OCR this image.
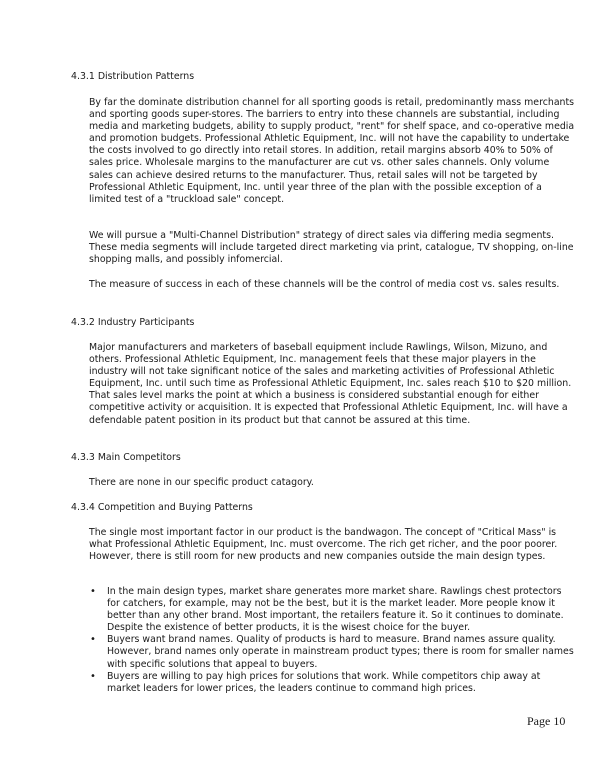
4.3.1 Distribution Patterns

By far the dominate distribution channel for all sporting goods is retail, predominantly mass merchants and sporting goods super-stores. The barriers to entry into these channels are substantial, including media and marketing budgets, ability to supply product, "rent" for shelf space, and co-operative media and promotion budgets. Professional Athletic Equipment, Inc. will not have the capability to undertake the costs involved to go directly into retail stores. In addition, retail margins absorb 40% to 50% of sales price. Wholesale margins to the manufacturer are cut vs. other sales channels. Only volume sales can achieve desired returns to the manufacturer. Thus, retail sales will not be targeted by Professional Athletic Equipment, Inc. until year three of the plan with the possible exception of a limited test of a "truckload sale" concept.

We will pursue a "Multi-Channel Distribution" strategy of direct sales via differing media segments. These media segments will include targeted direct marketing via print, catalogue, TV shopping, on-line shopping malls, and possibly infomercial.

The measure of success in each of these channels will be the control of media cost vs. sales results.

4.3.2 Industry Participants

Major manufacturers and marketers of baseball equipment include Rawlings, Wilson, Mizuno, and others. Professional Athletic Equipment, Inc. management feels that these major players in the industry will not take significant notice of the sales and marketing activities of Professional Athletic Equipment, Inc. until such time as Professional Athletic Equipment, Inc. sales reach $10 to $20 million. That sales level marks the point at which a business is considered substantial enough for either competitive activity or acquisition. It is expected that Professional Athletic Equipment, Inc. will have a defendable patent position in its product but that cannot be assured at this time.

4.3.3 Main Competitors

There are none in our specific product catagory.

4.3.4 Competition and Buying Patterns

The single most important factor in our product is the bandwagon. The concept of "Critical Mass" is what Professional Athletic Equipment, Inc. must overcome. The rich get richer, and the poor poorer. However, there is still room for new products and new companies outside the main design types.

• In the main design types, market share generates more market share. Rawlings chest protectors for catchers, for example, may not be the best, but it is the market leader. More people know it better than any other brand. Most important, the retailers feature it. So it continues to dominate. Despite the existence of better products, it is the wisest choice for the buyer.
• Buyers want brand names. Quality of products is hard to measure. Brand names assure quality. However, brand names only operate in mainstream product types; there is room for smaller names with specific solutions that appeal to buyers.
• Buyers are willing to pay high prices for solutions that work. While competitors chip away at market leaders for lower prices, the leaders continue to command high prices.
Page 10
